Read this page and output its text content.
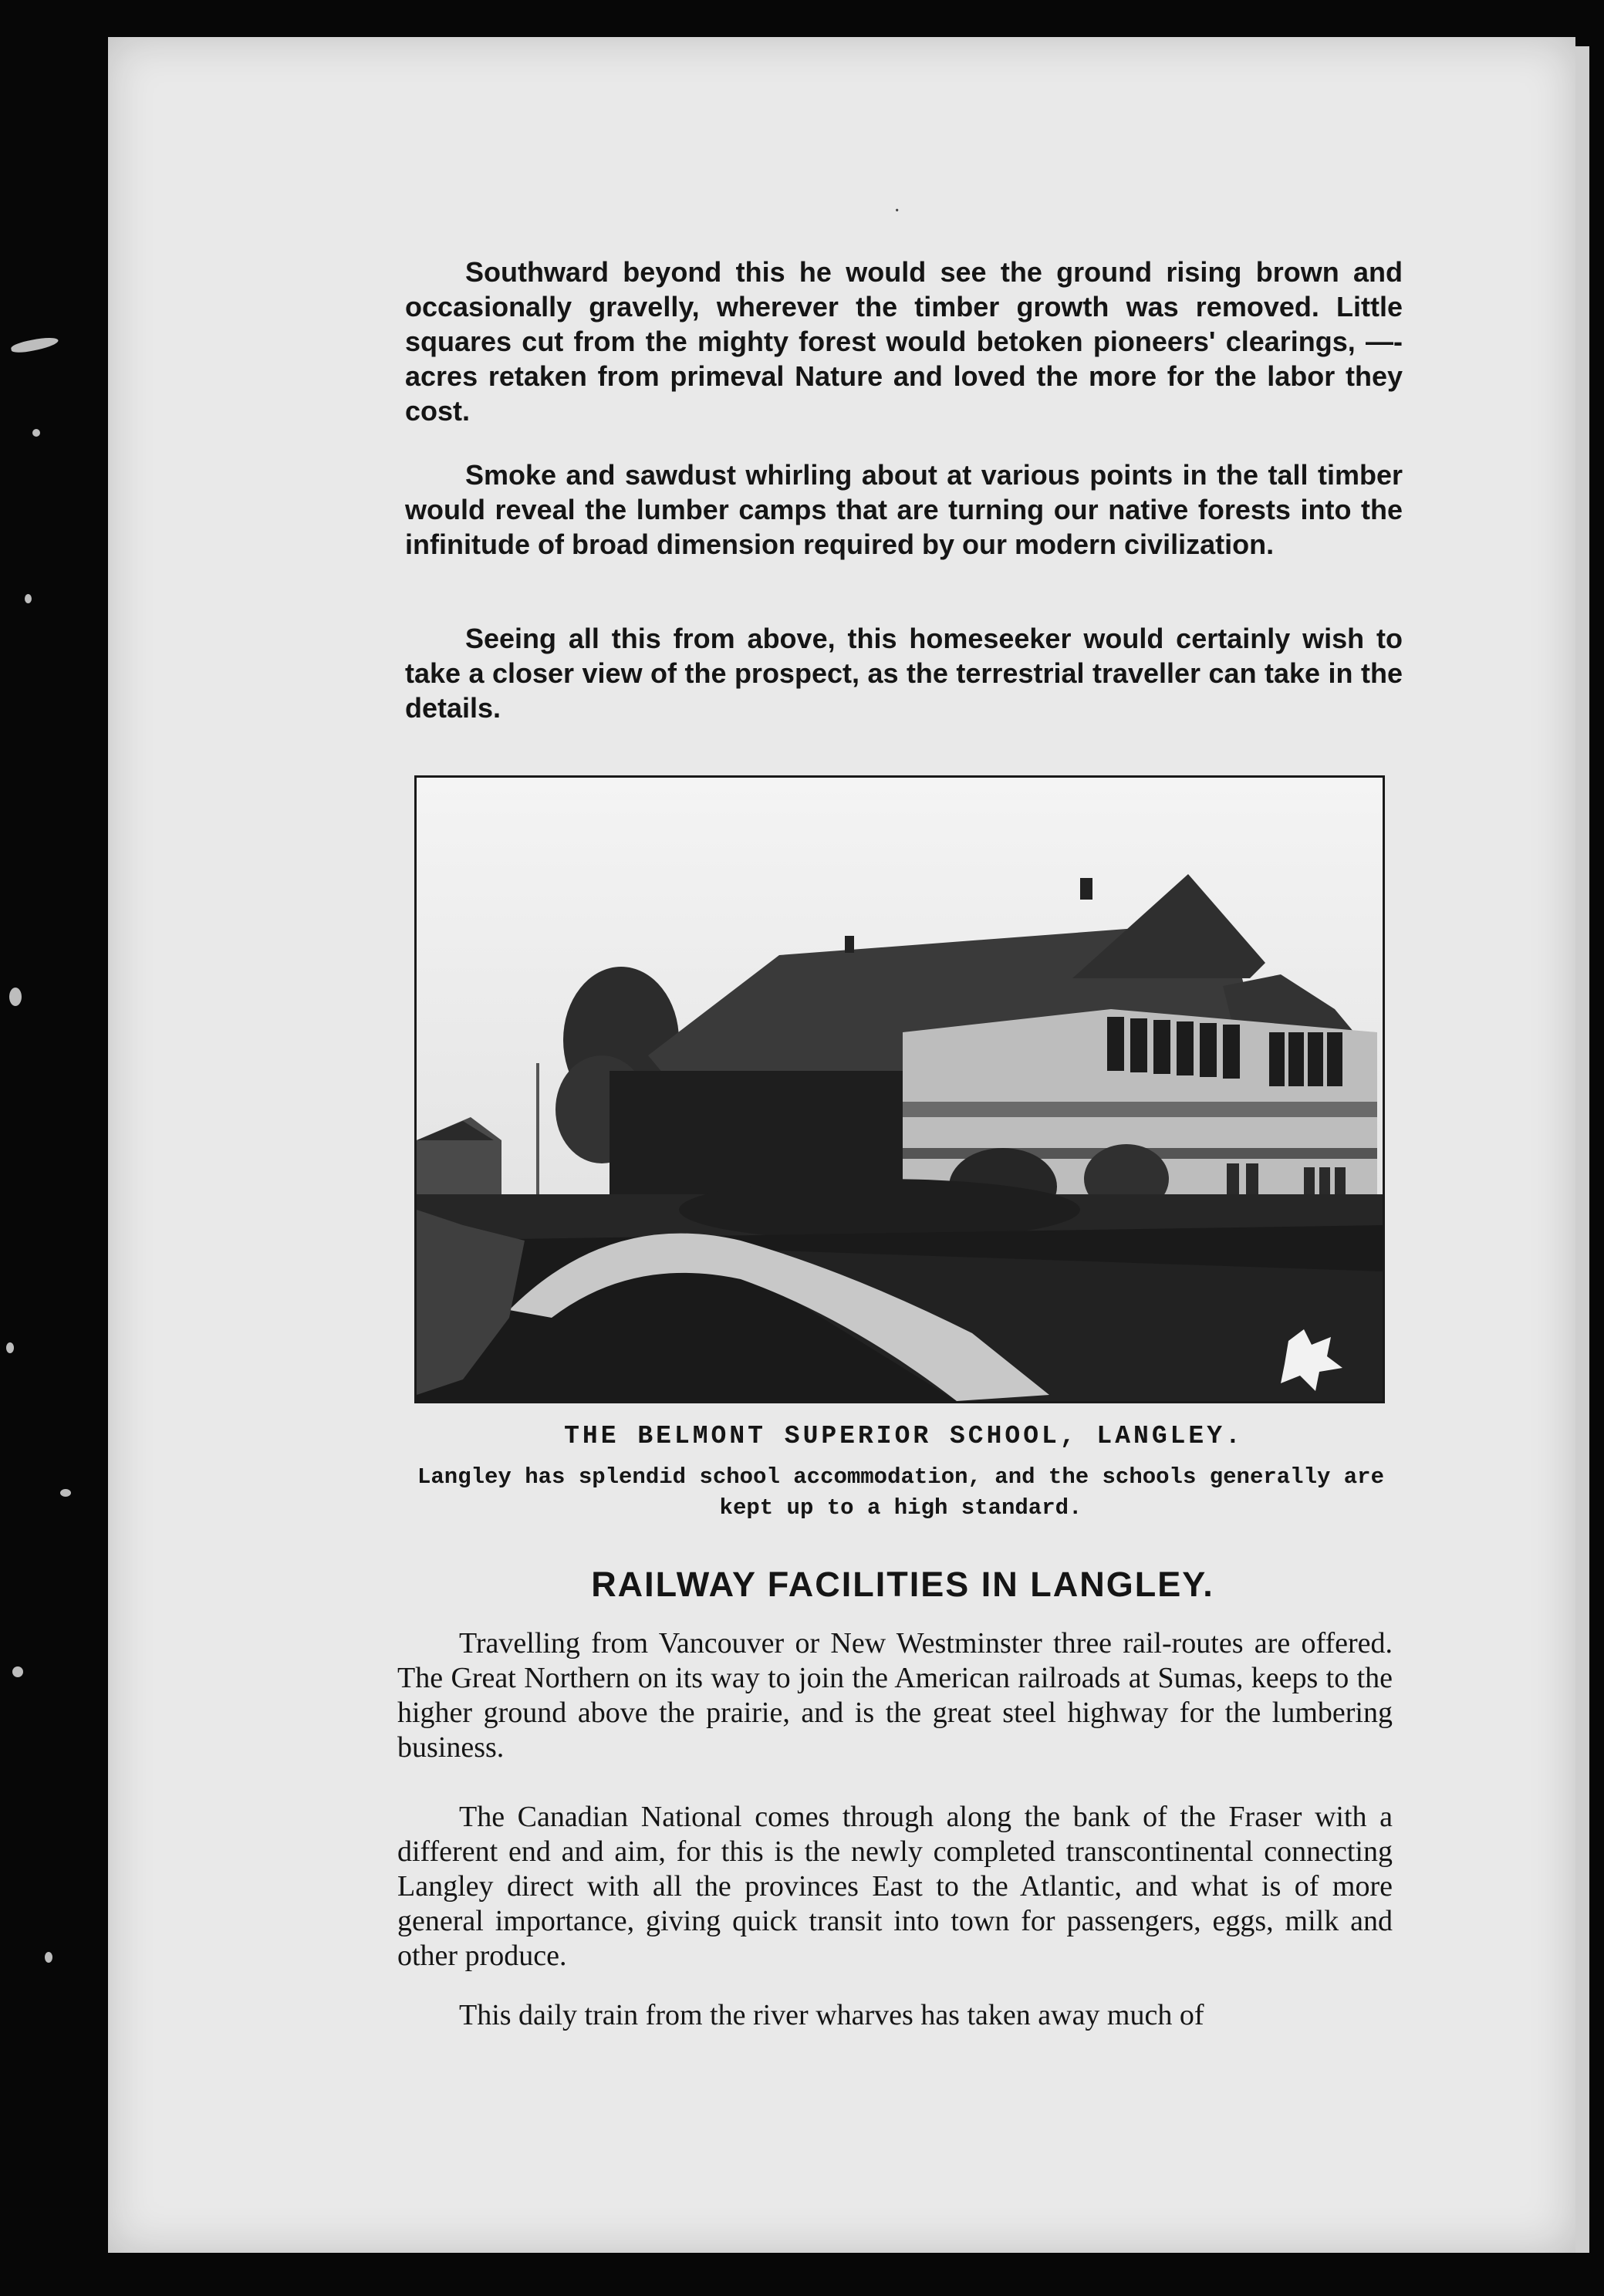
·

Southward beyond this he would see the ground rising brown and occasionally gravelly, wherever the timber growth was removed. Little squares cut from the mighty forest would betoken pioneers' clearings, —-acres retaken from primeval Nature and loved the more for the labor they cost.

Smoke and sawdust whirling about at various points in the tall timber would reveal the lumber camps that are turning our native forests into the infinitude of broad dimension required by our modern civilization.

Seeing all this from above, this homeseeker would certainly wish to take a closer view of the prospect, as the terrestrial traveller can take in the details.

THE BELMONT SUPERIOR SCHOOL, LANGLEY.

Langley has splendid school accommodation, and the schools generally are kept up to a high standard.

RAILWAY FACILITIES IN LANGLEY.

Travelling from Vancouver or New Westminster three rail-routes are offered. The Great Northern on its way to join the American railroads at Sumas, keeps to the higher ground above the prairie, and is the great steel highway for the lumbering business.

The Canadian National comes through along the bank of the Fraser with a different end and aim, for this is the newly completed transcontinental connecting Langley direct with all the provinces East to the Atlantic, and what is of more general importance, giving quick transit into town for passengers, eggs, milk and other produce.

This daily train from the river wharves has taken away much of
